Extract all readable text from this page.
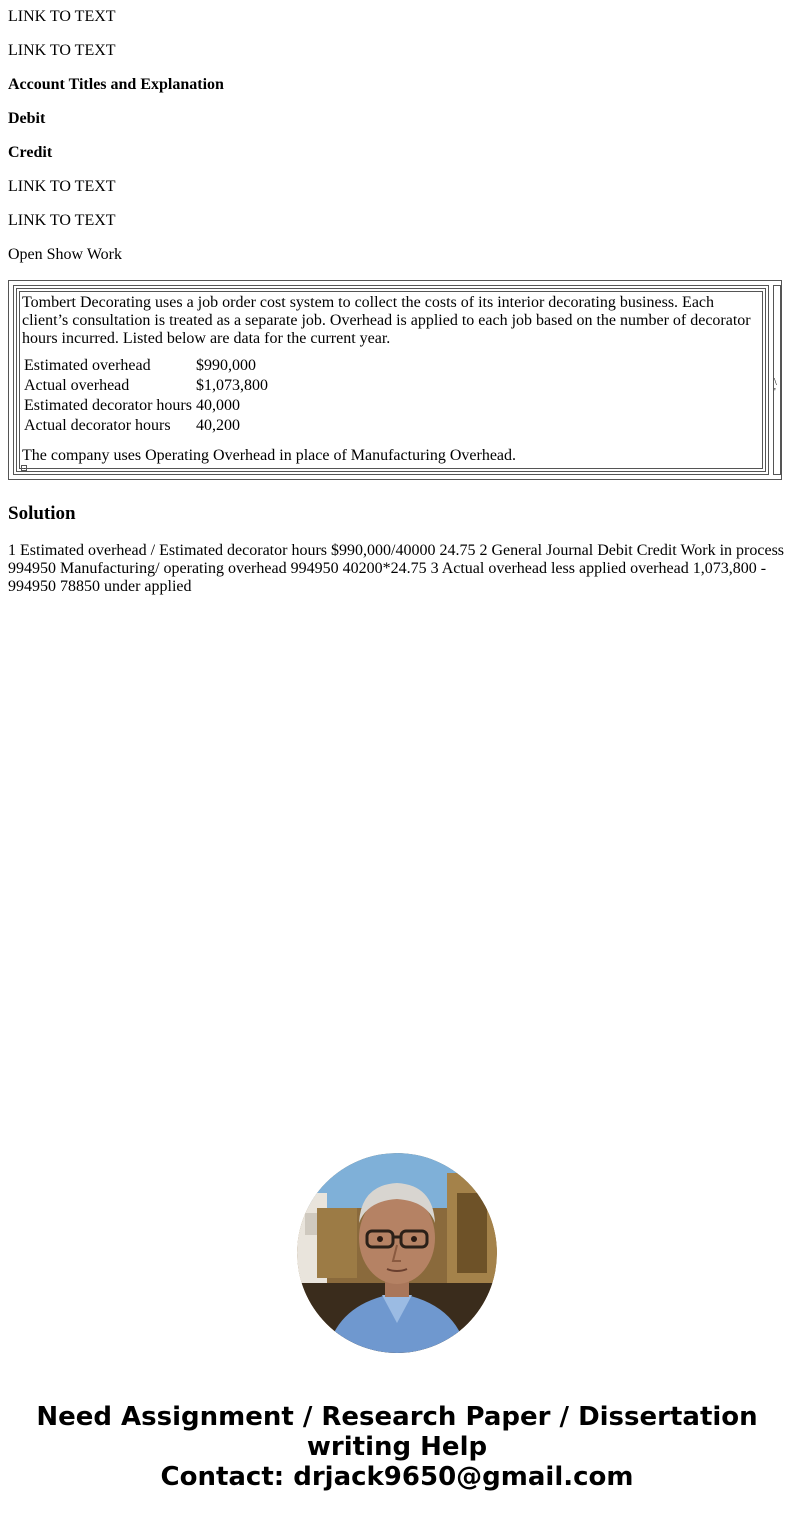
LINK TO TEXT
LINK TO TEXT

Account Titles and Explanation

Debit

Credit

LINK TO TEXT
LINK TO TEXT

Open Show Work

Tombert Decorating uses a job order cost system to collect the costs of its interior decorating business. Each client’s consultation is treated as a separate job. Overhead is applied to each job based on the number of decorator hours incurred. Listed below are data for the current year.
Estimated overhead	$990,000
Actual overhead	$1,073,800
Estimated decorator hours	40,000
Actual decorator hours	40,200
The company uses Operating Overhead in place of Manufacturing Overhead.
\ '
Solution

1 Estimated overhead / Estimated decorator hours $990,000/40000 24.75 2 General Journal Debit Credit Work in process 994950 Manufacturing/ operating overhead 994950 40200*24.75 3 Actual overhead less applied overhead 1,073,800 - 994950 78850 under applied

Need Assignment / Research Paper / Dissertation
writing Help
Contact: drjack9650@gmail.com
